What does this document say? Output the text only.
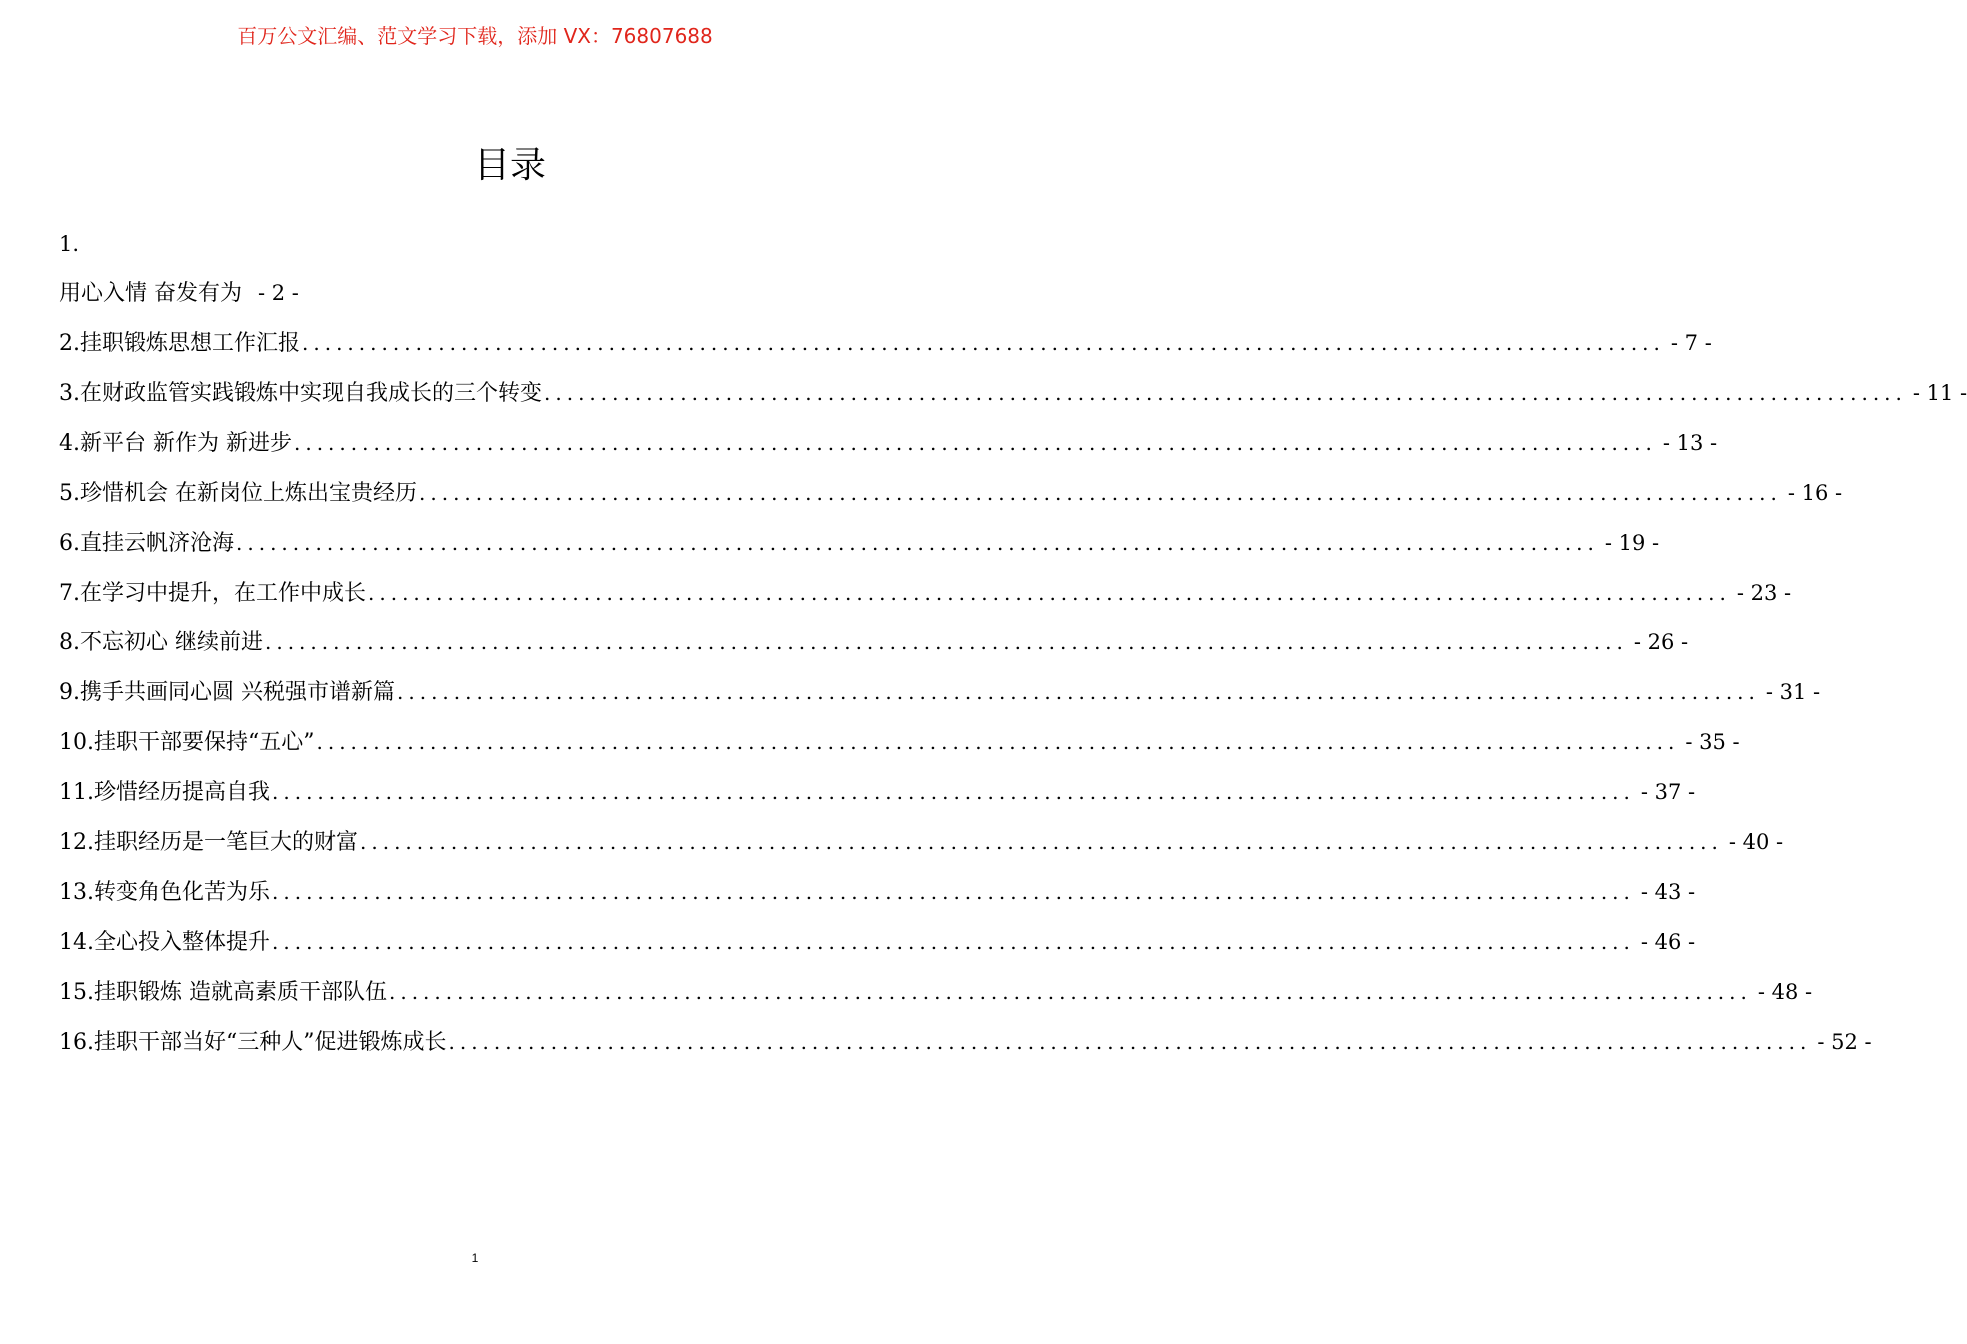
百万公文汇编、范文学习下载，添加 VX：76807688
目录
1.
用心入情 奋发有为 - 2 -
2.挂职锻炼思想工作汇报 ........................................................................................................................ - 7 -
3.在财政监管实践锻炼中实现自我成长的三个转变 ........................................................................................................................ - 11 -
4.新平台 新作为 新进步 ........................................................................................................................ - 13 -
5.珍惜机会 在新岗位上炼出宝贵经历 ........................................................................................................................ - 16 -
6.直挂云帆济沧海 ........................................................................................................................ - 19 -
7.在学习中提升，在工作中成长 ........................................................................................................................ - 23 -
8.不忘初心 继续前进 ........................................................................................................................ - 26 -
9.携手共画同心圆 兴税强市谱新篇 ........................................................................................................................ - 31 -
10.挂职干部要保持“五心” ........................................................................................................................ - 35 -
11.珍惜经历提高自我 ........................................................................................................................ - 37 -
12.挂职经历是一笔巨大的财富 ........................................................................................................................ - 40 -
13.转变角色化苦为乐 ........................................................................................................................ - 43 -
14.全心投入整体提升 ........................................................................................................................ - 46 -
15.挂职锻炼 造就高素质干部队伍 ........................................................................................................................ - 48 -
16.挂职干部当好“三种人”促进锻炼成长 ........................................................................................................................ - 52 -
1
